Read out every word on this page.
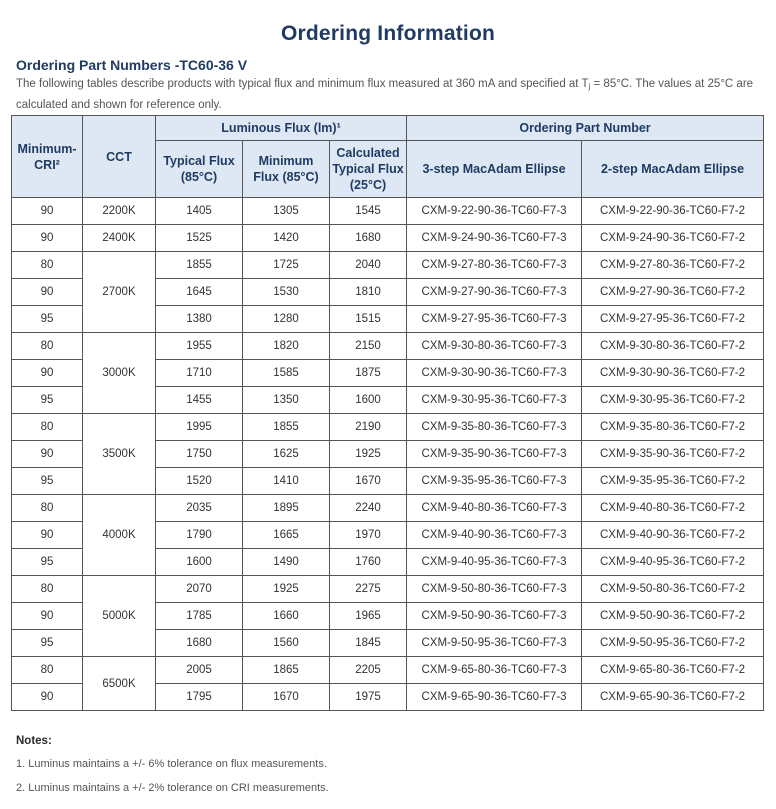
Ordering Information
Ordering Part Numbers -TC60-36 V
The following tables describe products with typical flux and minimum flux measured at 360 mA and specified at $T_j = 85^\circ C$. The values at 25°C are calculated and shown for reference only.
Minimum-CRI²	CCT	Luminous Flux (lm)¹			Ordering Part Number	
		Typical Flux (85°C)	Minimum Flux (85°C)	Calculated Typical Flux (25°C)	3-step MacAdam Ellipse	2-step MacAdam Ellipse
90	2200K	1405	1305	1545	CXM-9-22-90-36-TC60-F7-3	CXM-9-22-90-36-TC60-F7-2
90	2400K	1525	1420	1680	CXM-9-24-90-36-TC60-F7-3	CXM-9-24-90-36-TC60-F7-2
80	2700K	1855	1725	2040	CXM-9-27-80-36-TC60-F7-3	CXM-9-27-80-36-TC60-F7-2
90		1645	1530	1810	CXM-9-27-90-36-TC60-F7-3	CXM-9-27-90-36-TC60-F7-2
95		1380	1280	1515	CXM-9-27-95-36-TC60-F7-3	CXM-9-27-95-36-TC60-F7-2
80	3000K	1955	1820	2150	CXM-9-30-80-36-TC60-F7-3	CXM-9-30-80-36-TC60-F7-2
90		1710	1585	1875	CXM-9-30-90-36-TC60-F7-3	CXM-9-30-90-36-TC60-F7-2
95		1455	1350	1600	CXM-9-30-95-36-TC60-F7-3	CXM-9-30-95-36-TC60-F7-2
80	3500K	1995	1855	2190	CXM-9-35-80-36-TC60-F7-3	CXM-9-35-80-36-TC60-F7-2
90		1750	1625	1925	CXM-9-35-90-36-TC60-F7-3	CXM-9-35-90-36-TC60-F7-2
95		1520	1410	1670	CXM-9-35-95-36-TC60-F7-3	CXM-9-35-95-36-TC60-F7-2
80	4000K	2035	1895	2240	CXM-9-40-80-36-TC60-F7-3	CXM-9-40-80-36-TC60-F7-2
90		1790	1665	1970	CXM-9-40-90-36-TC60-F7-3	CXM-9-40-90-36-TC60-F7-2
95		1600	1490	1760	CXM-9-40-95-36-TC60-F7-3	CXM-9-40-95-36-TC60-F7-2
80	5000K	2070	1925	2275	CXM-9-50-80-36-TC60-F7-3	CXM-9-50-80-36-TC60-F7-2
90		1785	1660	1965	CXM-9-50-90-36-TC60-F7-3	CXM-9-50-90-36-TC60-F7-2
95		1680	1560	1845	CXM-9-50-95-36-TC60-F7-3	CXM-9-50-95-36-TC60-F7-2
80	6500K	2005	1865	2205	CXM-9-65-80-36-TC60-F7-3	CXM-9-65-80-36-TC60-F7-2
90		1795	1670	1975	CXM-9-65-90-36-TC60-F7-3	CXM-9-65-90-36-TC60-F7-2
Notes:
1. Luminus maintains a +/- 6% tolerance on flux measurements.
2. Luminus maintains a +/- 2% tolerance on CRI measurements.
